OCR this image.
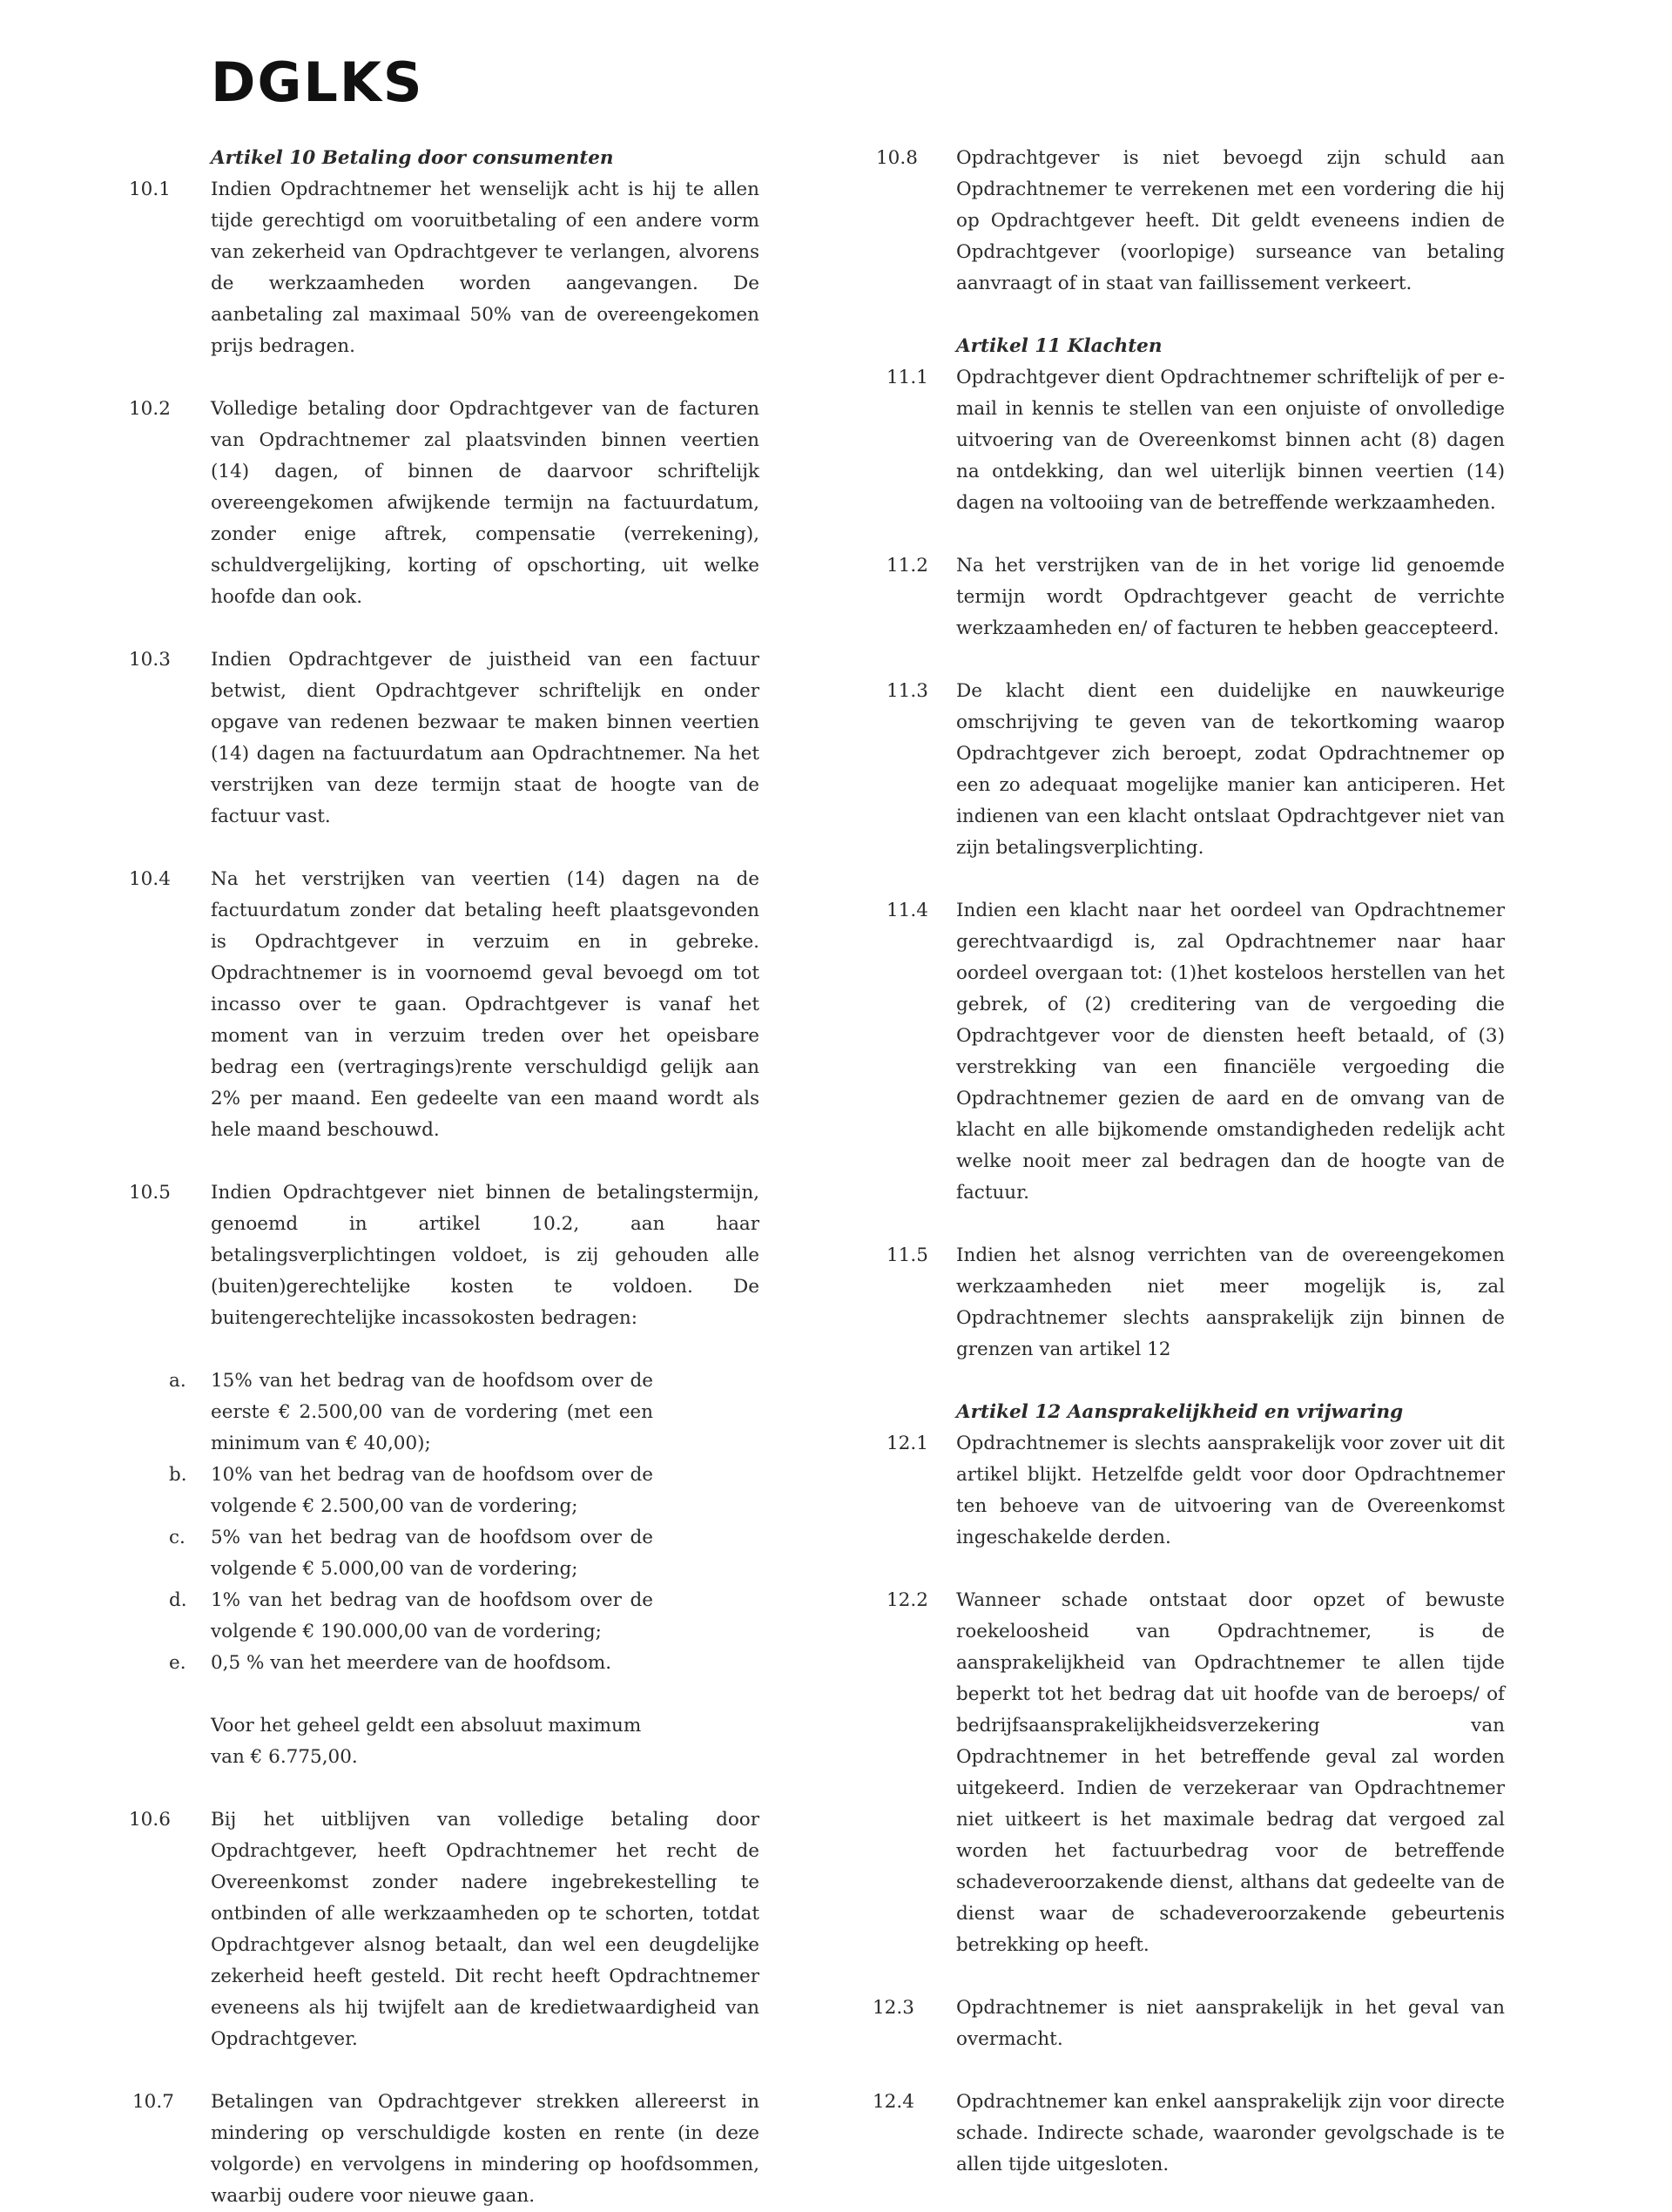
DGLKS

Artikel 10 Betaling door consumenten

10.1 Indien Opdrachtnemer het wenselijk acht is hij te allen tijde gerechtigd om vooruitbetaling of een andere vorm van zekerheid van Opdrachtgever te verlangen, alvorens de werkzaamheden worden aangevangen. De aanbetaling zal maximaal 50% van de overeengekomen prijs bedragen.

10.2 Volledige betaling door Opdrachtgever van de facturen van Opdrachtnemer zal plaatsvinden binnen veertien (14) dagen, of binnen de daarvoor schriftelijk overeengekomen afwijkende termijn na factuurdatum, zonder enige aftrek, compensatie (verrekening), schuldvergelijking, korting of opschorting, uit welke hoofde dan ook.

10.3 Indien Opdrachtgever de juistheid van een factuur betwist, dient Opdrachtgever schriftelijk en onder opgave van redenen bezwaar te maken binnen veertien (14) dagen na factuurdatum aan Opdrachtnemer. Na het verstrijken van deze termijn staat de hoogte van de factuur vast.

10.4 Na het verstrijken van veertien (14) dagen na de factuurdatum zonder dat betaling heeft plaatsgevonden is Opdrachtgever in verzuim en in gebreke. Opdrachtnemer is in voornoemd geval bevoegd om tot incasso over te gaan. Opdrachtgever is vanaf het moment van in verzuim treden over het opeisbare bedrag een (vertragings)rente verschuldigd gelijk aan 2% per maand. Een gedeelte van een maand wordt als hele maand beschouwd.

10.5 Indien Opdrachtgever niet binnen de betalingstermijn, genoemd in artikel 10.2, aan haar betalingsverplichtingen voldoet, is zij gehouden alle (buiten)gerechtelijke kosten te voldoen. De buitengerechtelijke incassokosten bedragen:

a. 15% van het bedrag van de hoofdsom over de eerste € 2.500,00 van de vordering (met een minimum van € 40,00);

b. 10% van het bedrag van de hoofdsom over de volgende € 2.500,00 van de vordering;

c. 5% van het bedrag van de hoofdsom over de volgende € 5.000,00 van de vordering;

d. 1% van het bedrag van de hoofdsom over de volgende € 190.000,00 van de vordering;

e. 0,5 % van het meerdere van de hoofdsom.

Voor het geheel geldt een absoluut maximum van € 6.775,00.

10.6 Bij het uitblijven van volledige betaling door Opdrachtgever, heeft Opdrachtnemer het recht de Overeenkomst zonder nadere ingebrekestelling te ontbinden of alle werkzaamheden op te schorten, totdat Opdrachtgever alsnog betaalt, dan wel een deugdelijke zekerheid heeft gesteld. Dit recht heeft Opdrachtnemer eveneens als hij twijfelt aan de kredietwaardigheid van Opdrachtgever.

10.7 Betalingen van Opdrachtgever strekken allereerst in mindering op verschuldigde kosten en rente (in deze volgorde) en vervolgens in mindering op hoofdsommen, waarbij oudere voor nieuwe gaan.

10.8 Opdrachtgever is niet bevoegd zijn schuld aan Opdrachtnemer te verrekenen met een vordering die hij op Opdrachtgever heeft. Dit geldt eveneens indien de Opdrachtgever (voorlopige) surseance van betaling aanvraagt of in staat van faillissement verkeert.

Artikel 11 Klachten

11.1 Opdrachtgever dient Opdrachtnemer schriftelijk of per e-mail in kennis te stellen van een onjuiste of onvolledige uitvoering van de Overeenkomst binnen acht (8) dagen na ontdekking, dan wel uiterlijk binnen veertien (14) dagen na voltooiing van de betreffende werkzaamheden.

11.2 Na het verstrijken van de in het vorige lid genoemde termijn wordt Opdrachtgever geacht de verrichte werkzaamheden en/ of facturen te hebben geaccepteerd.

11.3 De klacht dient een duidelijke en nauwkeurige omschrijving te geven van de tekortkoming waarop Opdrachtgever zich beroept, zodat Opdrachtnemer op een zo adequaat mogelijke manier kan anticiperen. Het indienen van een klacht ontslaat Opdrachtgever niet van zijn betalingsverplichting.

11.4 Indien een klacht naar het oordeel van Opdrachtnemer gerechtvaardigd is, zal Opdrachtnemer naar haar oordeel overgaan tot: (1)het kosteloos herstellen van het gebrek, of (2) creditering van de vergoeding die Opdrachtgever voor de diensten heeft betaald, of (3) verstrekking van een financiële vergoeding die Opdrachtnemer gezien de aard en de omvang van de klacht en alle bijkomende omstandigheden redelijk acht welke nooit meer zal bedragen dan de hoogte van de factuur.

11.5 Indien het alsnog verrichten van de overeengekomen werkzaamheden niet meer mogelijk is, zal Opdrachtnemer slechts aansprakelijk zijn binnen de grenzen van artikel 12

Artikel 12 Aansprakelijkheid en vrijwaring

12.1 Opdrachtnemer is slechts aansprakelijk voor zover uit dit artikel blijkt. Hetzelfde geldt voor door Opdrachtnemer ten behoeve van de uitvoering van de Overeenkomst ingeschakelde derden.

12.2 Wanneer schade ontstaat door opzet of bewuste roekeloosheid van Opdrachtnemer, is de aansprakelijkheid van Opdrachtnemer te allen tijde beperkt tot het bedrag dat uit hoofde van de beroeps/ of bedrijfsaansprakelijkheidsverzekering van Opdrachtnemer in het betreffende geval zal worden uitgekeerd. Indien de verzekeraar van Opdrachtnemer niet uitkeert is het maximale bedrag dat vergoed zal worden het factuurbedrag voor de betreffende schadeveroorzakende dienst, althans dat gedeelte van de dienst waar de schadeveroorzakende gebeurtenis betrekking op heeft.

12.3 Opdrachtnemer is niet aansprakelijk in het geval van overmacht.

12.4 Opdrachtnemer kan enkel aansprakelijk zijn voor directe schade. Indirecte schade, waaronder gevolgschade is te allen tijde uitgesloten.
